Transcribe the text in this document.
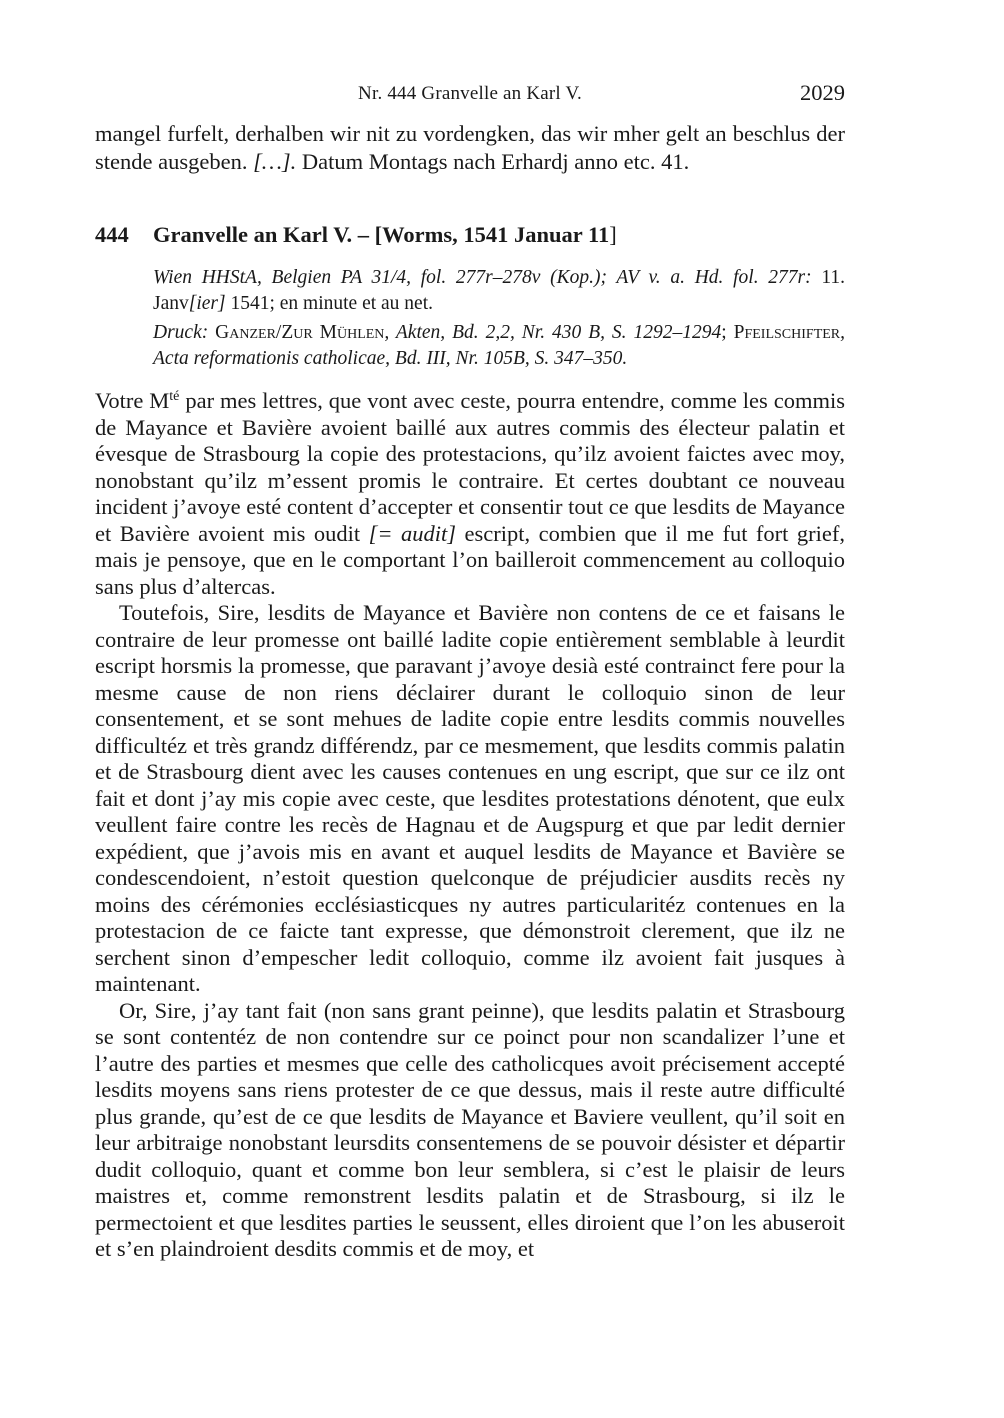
Nr. 444 Granvelle an Karl V.	2029
mangel furfelt, derhalben wir nit zu vordengken, das wir mher gelt an beschlus der stende ausgeben. […]. Datum Montags nach Erhardj anno etc. 41.
444 Granvelle an Karl V. – [Worms, 1541 Januar 11]
Wien HHStA, Belgien PA 31/4, fol. 277r–278v (Kop.); AV v. a. Hd. fol. 277r: 11. Janv[ier] 1541; en minute et au net.
Druck: Ganzer/Zur Mühlen, Akten, Bd. 2,2, Nr. 430 B, S. 1292–1294; Pfeilschifter, Acta reformationis catholicae, Bd. III, Nr. 105B, S. 347–350.

Votre $M^{té}$ par mes lettres, que vont avec ceste, pourra entendre, comme les commis de Mayance et Bavière avoient baillé aux autres commis des électeur palatin et évesque de Strasbourg la copie des protestacions, qu’ilz avoient faictes avec moy, nonobstant qu’ilz m’essent promis le contraire. Et certes doubtant ce nouveau incident j’avoye esté content d’accepter et consentir tout ce que lesdits de Mayance et Bavière avoient mis oudit [= audit] escript, combien que il me fut fort grief, mais je pensoye, que en le comportant l’on bailleroit commencement au colloquio sans plus d’altercas.

Toutefois, Sire, lesdits de Mayance et Bavière non contens de ce et faisans le contraire de leur promesse ont baillé ladite copie entièrement semblable à leurdit escript horsmis la promesse, que paravant j’avoye desià esté contrainct fere pour la mesme cause de non riens déclairer durant le colloquio sinon de leur consentement, et se sont mehues de ladite copie entre lesdits commis nouvelles difficultéz et très grandz différendz, par ce mesmement, que lesdits commis palatin et de Strasbourg dient avec les causes contenues en ung escript, que sur ce ilz ont fait et dont j’ay mis copie avec ceste, que lesdites protestations dénotent, que eulx veullent faire contre les recès de Hagnau et de Augspurg et que par ledit dernier expédient, que j’avois mis en avant et auquel lesdits de Mayance et Bavière se condescendoient, n’estoit question quelconque de préjudicier ausdits recès ny moins des cérémonies ecclésiasticques ny autres particularitéz contenues en la protestacion de ce faicte tant expresse, que démonstroit clerement, que ilz ne serchent sinon d’empescher ledit colloquio, comme ilz avoient fait jusques à maintenant.

Or, Sire, j’ay tant fait (non sans grant peinne), que lesdits palatin et Strasbourg se sont contentéz de non contendre sur ce poinct pour non scandalizer l’une et l’autre des parties et mesmes que celle des catholicques avoit précisement accepté lesdits moyens sans riens protester de ce que dessus, mais il reste autre difficulté plus grande, qu’est de ce que lesdits de Mayance et Baviere veullent, qu’il soit en leur arbitraige nonobstant leursdits consentemens de se pouvoir désister et départir dudit colloquio, quant et comme bon leur semblera, si c’est le plaisir de leurs maistres et, comme remonstrent lesdits palatin et de Strasbourg, si ilz le permectoient et que lesdites parties le seussent, elles diroient que l’on les abuseroit et s’en plaindroient desdits commis et de moy, et
